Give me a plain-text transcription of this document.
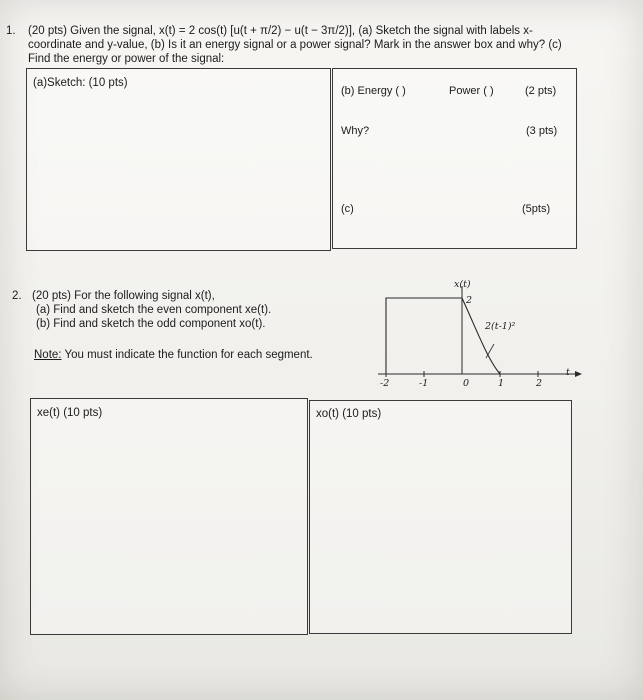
1. (20 pts) Given the signal, x(t) = 2 cos(t) [u(t + π/2) − u(t − 3π/2)], (a) Sketch the signal with labels x-
coordinate and y-value, (b) Is it an energy signal or a power signal? Mark in the answer box and why? (c)
Find the energy or power of the signal:
(a)Sketch: (10 pts)
(b) Energy ( )	Power ( )	(2 pts)
Why?	(3 pts)
(c)	(5pts)
2. (20 pts) For the following signal x(t),
(a) Find and sketch the even component xe(t).
(b) Find and sketch the odd component xo(t).
Note: You must indicate the function for each segment.
x(t)
2
2(t-1)²
t
-2	-1	0	1	2
xe(t) (10 pts)	xo(t) (10 pts)
